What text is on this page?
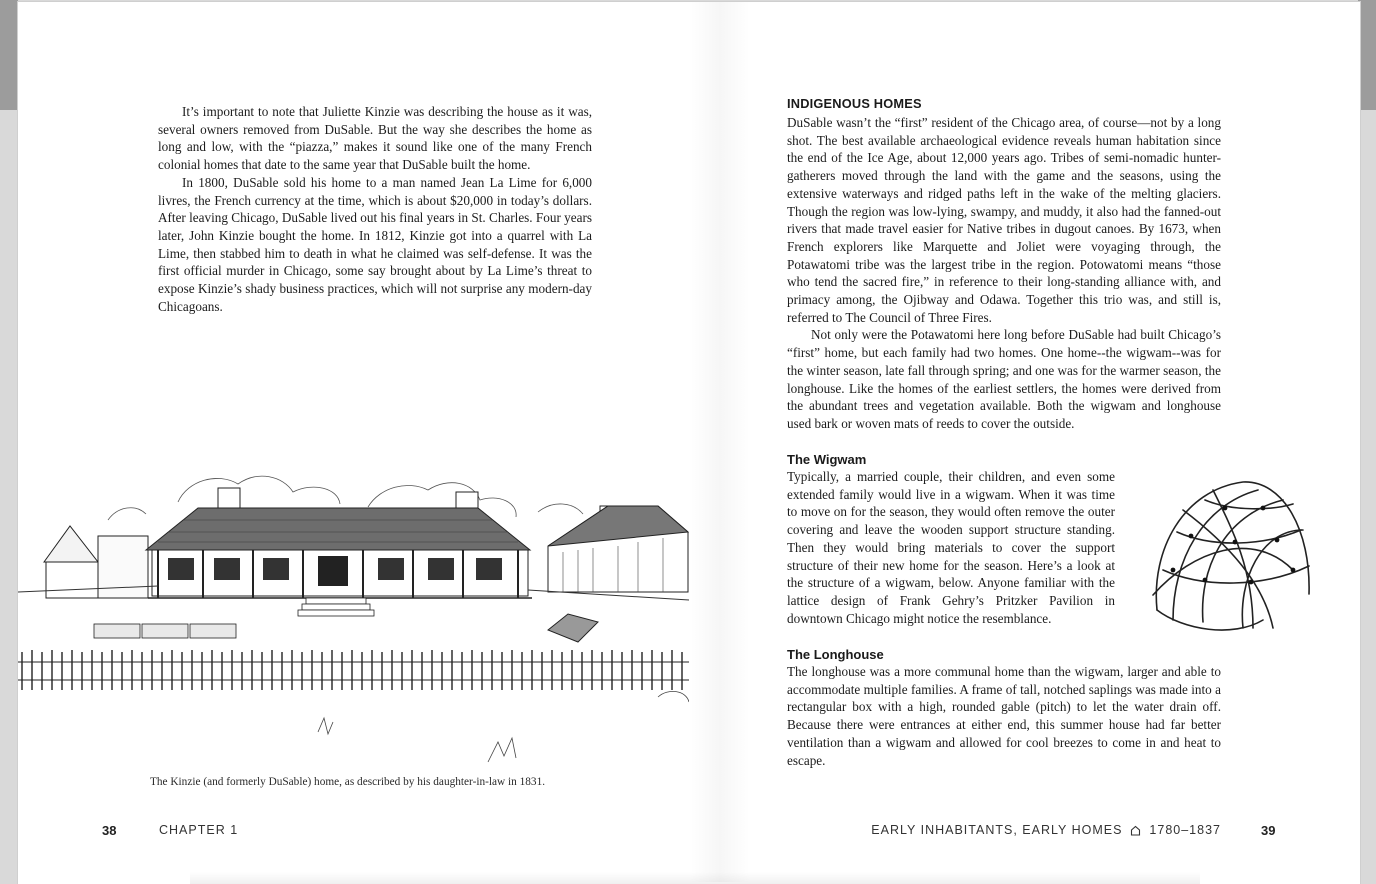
It’s important to note that Juliette Kinzie was describing the house as it was, several owners removed from DuSable. But the way she describes the home as long and low, with the “piazza,” makes it sound like one of the many French colonial homes that date to the same year that DuSable built the home.

In 1800, DuSable sold his home to a man named Jean La Lime for 6,000 livres, the French currency at the time, which is about $20,000 in today’s dollars. After leaving Chicago, DuSable lived out his final years in St. Charles. Four years later, John Kinzie bought the home. In 1812, Kinzie got into a quarrel with La Lime, then stabbed him to death in what he claimed was self-defense. It was the first official murder in Chicago, some say brought about by La Lime’s threat to expose Kinzie’s shady business practices, which will not surprise any modern-day Chicagoans.

The Kinzie (and formerly DuSable) home, as described by his daughter-in-law in 1831.
38	CHAPTER 1
INDIGENOUS HOMES

DuSable wasn’t the “first” resident of the Chicago area, of course—not by a long shot. The best available archaeological evidence reveals human habitation since the end of the Ice Age, about 12,000 years ago. Tribes of semi-nomadic hunter-gatherers moved through the land with the game and the seasons, using the extensive waterways and ridged paths left in the wake of the melting glaciers. Though the region was low-lying, swampy, and muddy, it also had the fanned-out rivers that made travel easier for Native tribes in dugout canoes. By 1673, when French explorers like Marquette and Joliet were voyaging through, the Potawatomi tribe was the largest tribe in the region. Potowatomi means “those who tend the sacred fire,” in reference to their long-standing alliance with, and primacy among, the Ojibway and Odawa. Together this trio was, and still is, referred to The Council of Three Fires.

Not only were the Potawatomi here long before DuSable had built Chicago’s “first” home, but each family had two homes. One home--the wigwam--was for the winter season, late fall through spring; and one was for the warmer season, the longhouse. Like the homes of the earliest settlers, the homes were derived from the abundant trees and vegetation available. Both the wigwam and longhouse used bark or woven mats of reeds to cover the outside.

The Wigwam

Typically, a married couple, their children, and even some extended family would live in a wigwam. When it was time to move on for the season, they would often remove the outer covering and leave the wooden support structure standing. Then they would bring materials to cover the support structure of their new home for the season. Here’s a look at the structure of a wigwam, below. Anyone familiar with the lattice design of Frank Gehry’s Pritzker Pavilion in downtown Chicago might notice the resemblance.

The Longhouse

The longhouse was a more communal home than the wigwam, larger and able to accommodate multiple families. A frame of tall, notched saplings was made into a rectangular box with a high, rounded gable (pitch) to let the water drain off. Because there were entrances at either end, this summer house had far better ventilation than a wigwam and allowed for cool breezes to come in and heat to escape.

EARLY INHABITANTS, EARLY HOMES 1780–1837	39
